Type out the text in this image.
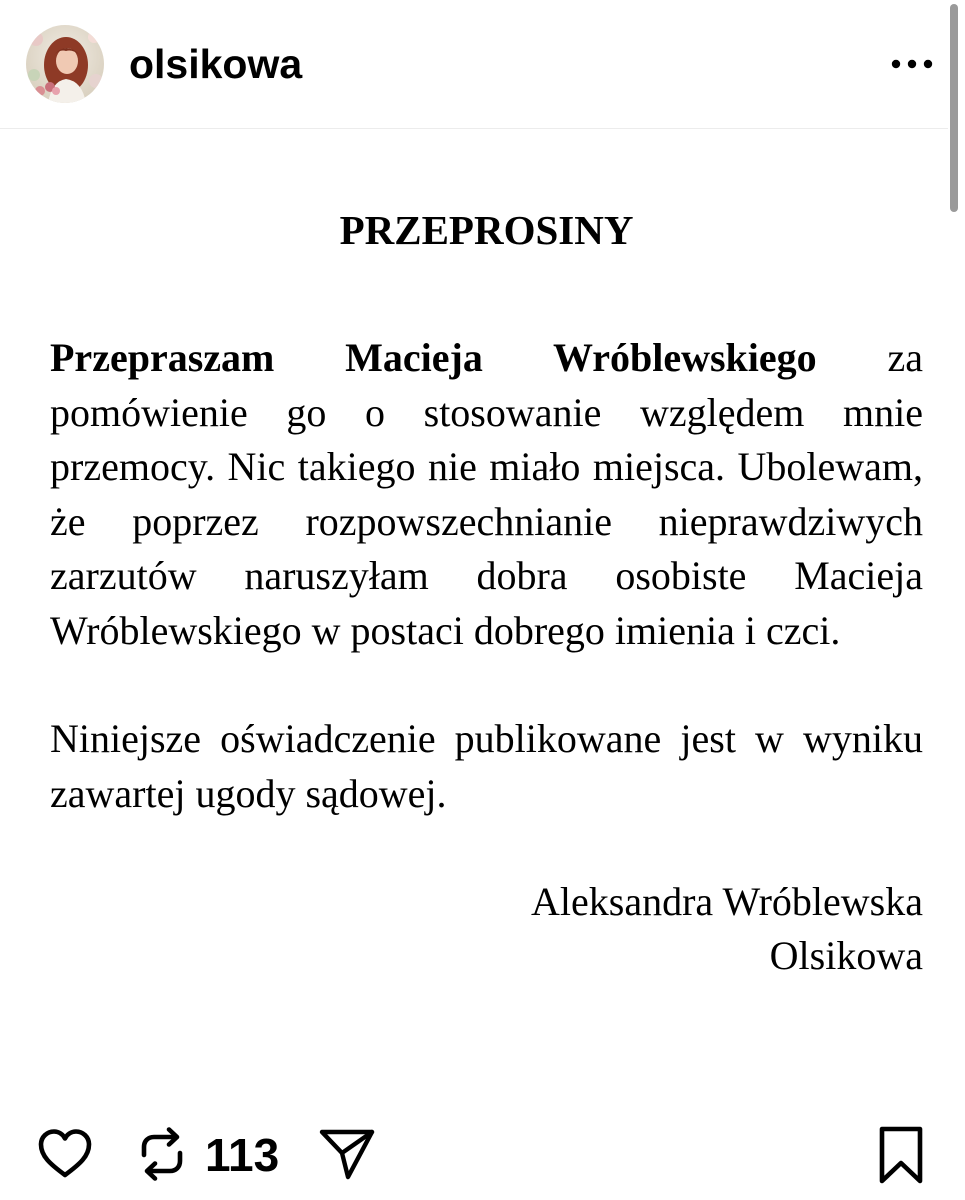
olsikowa
PRZEPROSINY

Przepraszam Macieja Wróblewskiego za pomówienie go o stosowanie względem mnie przemocy. Nic takiego nie miało miejsca. Ubolewam, że poprzez rozpowszechnianie nieprawdziwych zarzutów naruszyłam dobra osobiste Macieja Wróblewskiego w postaci dobrego imienia i czci.

Niniejsze oświadczenie publikowane jest w wyniku zawartej ugody sądowej.

Aleksandra Wróblewska

Olsikowa

113
